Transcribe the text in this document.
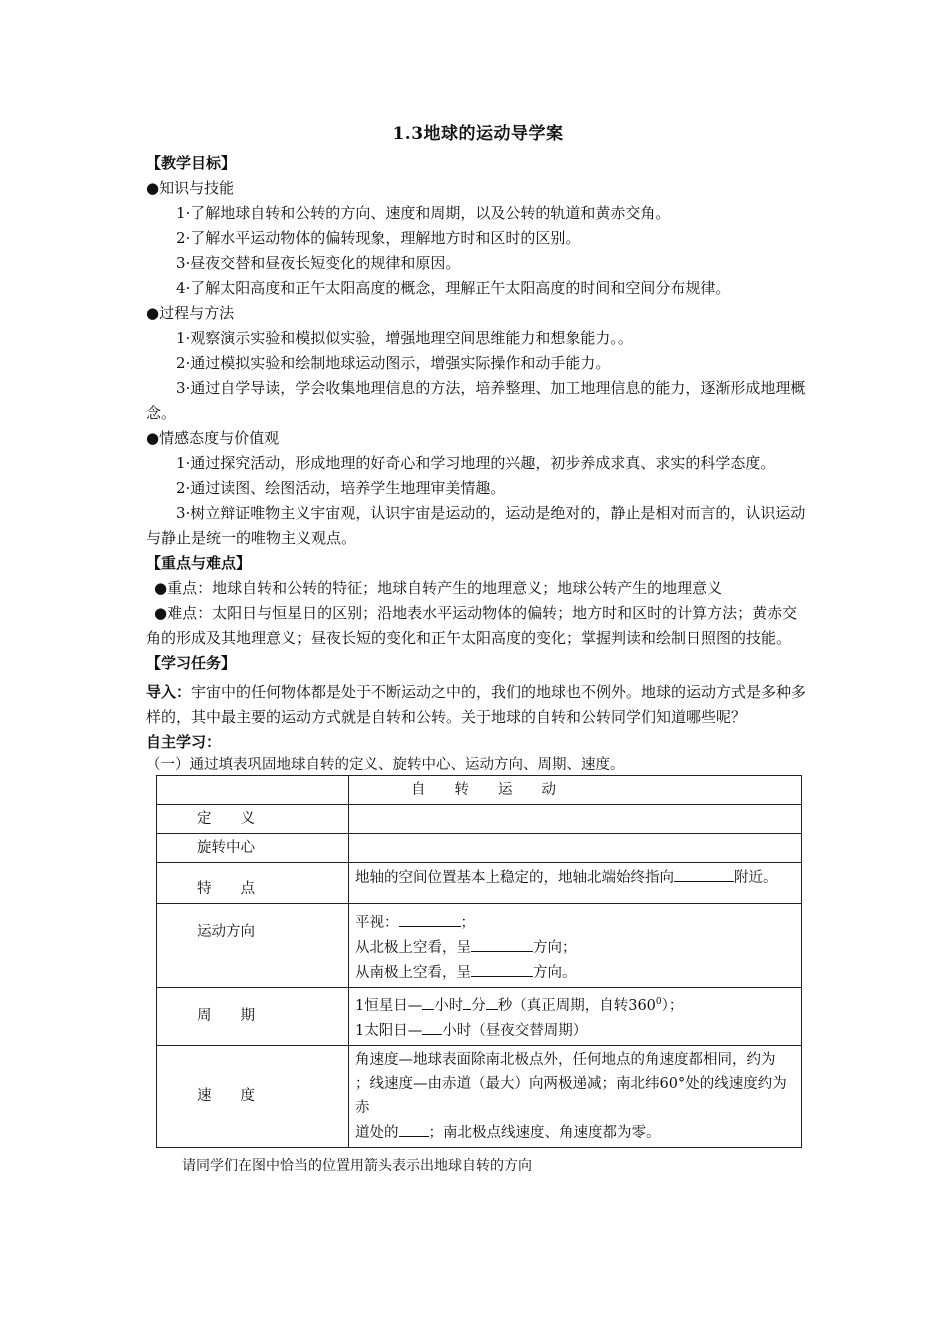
1.3地球的运动导学案

【教学目标】

●知识与技能

1·了解地球自转和公转的方向、速度和周期，以及公转的轨道和黄赤交角。

2·了解水平运动物体的偏转现象，理解地方时和区时的区别。

3·昼夜交替和昼夜长短变化的规律和原因。

4·了解太阳高度和正午太阳高度的概念，理解正午太阳高度的时间和空间分布规律。

●过程与方法

1·观察演示实验和模拟似实验，增强地理空间思维能力和想象能力。。

2·通过模拟实验和绘制地球运动图示，增强实际操作和动手能力。

3·通过自学导读，学会收集地理信息的方法，培养整理、加工地理信息的能力，逐渐形成地理概念。

●情感态度与价值观

1·通过探究活动，形成地理的好奇心和学习地理的兴趣，初步养成求真、求实的科学态度。

2·通过读图、绘图活动，培养学生地理审美情趣。

3·树立辩证唯物主义宇宙观，认识宇宙是运动的，运动是绝对的，静止是相对而言的，认识运动与静止是统一的唯物主义观点。

【重点与难点】

●重点：地球自转和公转的特征；地球自转产生的地理意义；地球公转产生的地理意义

●难点：太阳日与恒星日的区别；沿地表水平运动物体的偏转；地方时和区时的计算方法；黄赤交角的形成及其地理意义；昼夜长短的变化和正午太阳高度的变化；掌握判读和绘制日照图的技能。

【学习任务】

导入：宇宙中的任何物体都是处于不断运动之中的，我们的地球也不例外。地球的运动方式是多种多样的，其中最主要的运动方式就是自转和公转。关于地球的自转和公转同学们知道哪些呢？

自主学习：

（一）通过填表巩固地球自转的定义、旋转中心、运动方向、周期、速度。

	自　　转　　运　　动
定　　义	
旋转中心	
特　　点	地轴的空间位置基本上稳定的，地轴北端始终指向 附近。
运动方向	平视： ；
从北极上空看，呈 方向；
从南极上空看，呈 方向。

周　　期	1恒星日— 小时 分 秒（真正周期，自转$360^0$）；
1太阳日— 小时（昼夜交替周期）

速　　度	角速度—地球表面除南北极点外，任何地点的角速度都相同，约为
；线速度—由赤道（最大）向两极递减；南北纬60°处的线速度约为赤
道处的 ；南北极点线速度、角速度都为零。

请同学们在图中恰当的位置用箭头表示出地球自转的方向
